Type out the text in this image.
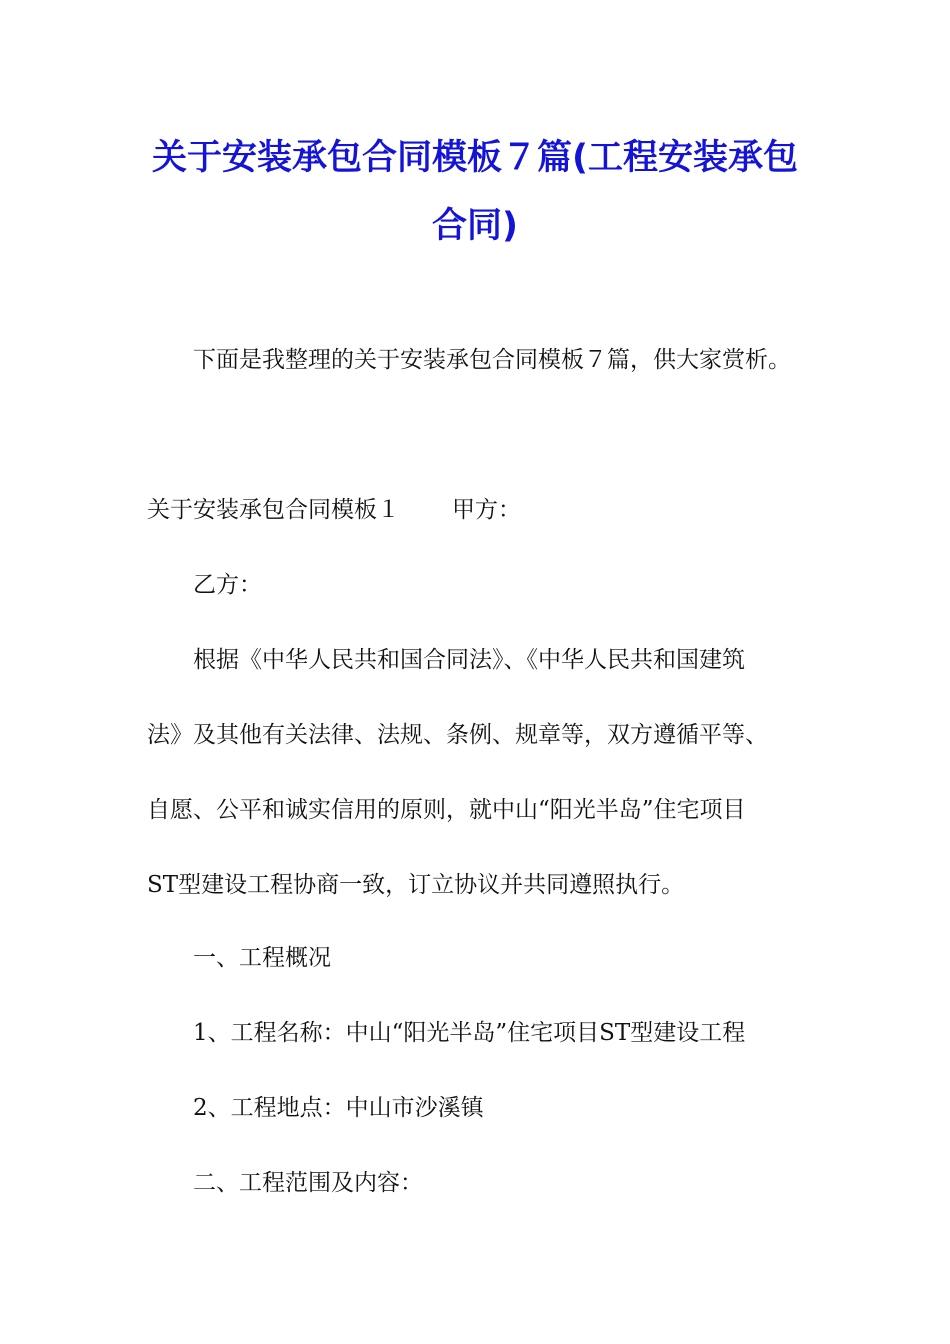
关于安装承包合同模板７篇(工程安装承包
合同)
下面是我整理的关于安装承包合同模板７篇，供大家赏析。
关于安装承包合同模板１ 甲方：
乙方：
根据《中华人民共和国合同法》、《中华人民共和国建筑
法》及其他有关法律、法规、条例、规章等，双方遵循平等、
自愿、公平和诚实信用的原则，就中山“阳光半岛”住宅项目
ST型建设工程协商一致，订立协议并共同遵照执行。
一、工程概况
1、工程名称：中山“阳光半岛”住宅项目ST型建设工程
2、工程地点：中山市沙溪镇
二、工程范围及内容：
